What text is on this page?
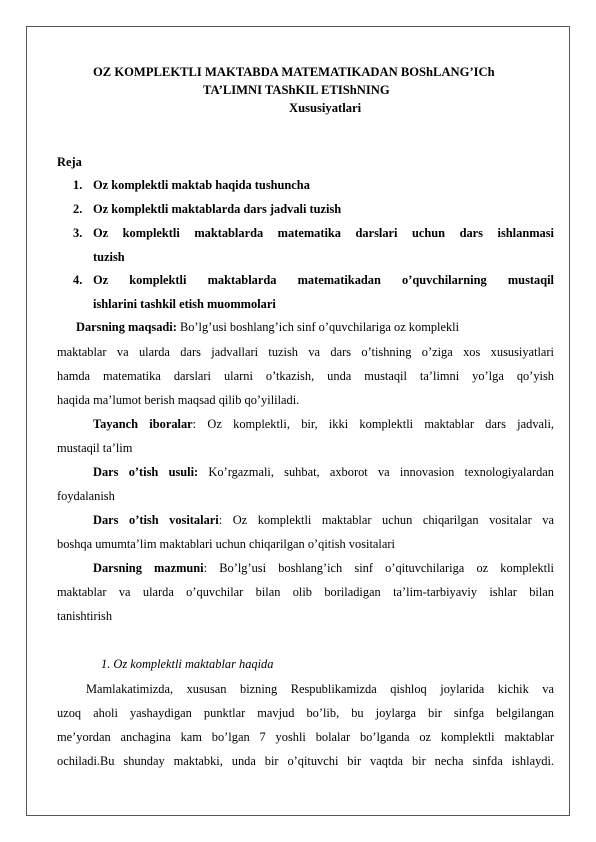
OZ KOMPLEKTLI MAKTABDA MATEMATIKADAN BOShLANG’ICh
TA’LIMNI TAShKIL ETIShNING
Xususiyatlari
Reja
1. Oz komplektli maktab haqida tushuncha
2. Oz komplektli maktablarda dars jadvali tuzish
3. Oz komplektli maktablarda matematika darslari uchun dars ishlanmasi
tuzish
4. Oz komplektli maktablarda matematikadan o’quvchilarning mustaqil
ishlarini tashkil etish muommolari
Darsning maqsadi: Bo’lg’usi boshlang’ich sinf o’quvchilariga oz komplekli
maktablar va ularda dars jadvallari tuzish va dars o’tishning o’ziga xos xususiyatlari
hamda matematika darslari ularni o’tkazish, unda mustaqil ta’limni yo’lga qo’yish
haqida ma’lumot berish maqsad qilib qo’yililadi.
Tayanch iboralar: Oz komplektli, bir, ikki komplektli maktablar dars jadvali,
mustaqil ta’lim
Dars o’tish usuli: Ko’rgazmali, suhbat, axborot va innovasion texnologiyalardan
foydalanish
Dars o’tish vositalari: Oz komplektli maktablar uchun chiqarilgan vositalar va
boshqa umumta’lim maktablari uchun chiqarilgan o’qitish vositalari
Darsning mazmuni: Bo’lg’usi boshlang’ich sinf o’qituvchilariga oz komplektli
maktablar va ularda o’quvchilar bilan olib boriladigan ta’lim-tarbiyaviy ishlar bilan
tanishtirish
1. Oz komplektli maktablar haqida
Mamlakatimizda, xususan bizning Respublikamizda qishloq joylarida kichik va
uzoq aholi yashaydigan punktlar mavjud bo’lib, bu joylarga bir sinfga belgilangan
me’yordan anchagina kam bo’lgan 7 yoshli bolalar bo’lganda oz komplektli maktablar
ochiladi.Bu shunday maktabki, unda bir o’qituvchi bir vaqtda bir necha sinfda ishlaydi.
